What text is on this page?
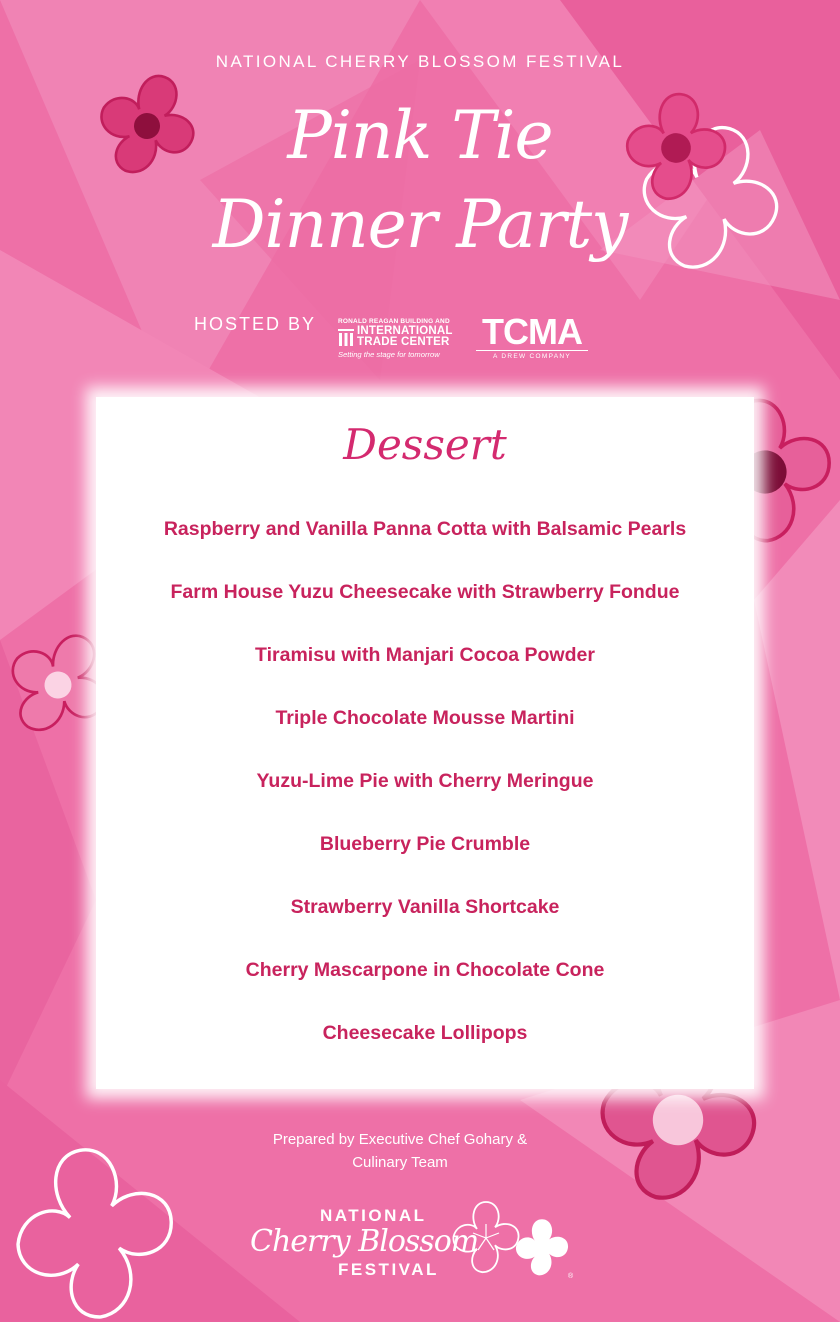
NATIONAL CHERRY BLOSSOM FESTIVAL
Pink Tie
Dinner Party
HOSTED BY	RONALD REAGAN BUILDING AND
INTERNATIONAL
TRADE CENTER
Setting the stage for tomorrow
TCMA
A DREW COMPANY
Dessert
Raspberry and Vanilla Panna Cotta with Balsamic Pearls
Farm House Yuzu Cheesecake with Strawberry Fondue
Tiramisu with Manjari Cocoa Powder
Triple Chocolate Mousse Martini
Yuzu-Lime Pie with Cherry Meringue
Blueberry Pie Crumble
Strawberry Vanilla Shortcake
Cherry Mascarpone in Chocolate Cone
Cheesecake Lollipops
Prepared by Executive Chef Gohary &
Culinary Team
NATIONAL
Cherry Blossom
FESTIVAL	®
